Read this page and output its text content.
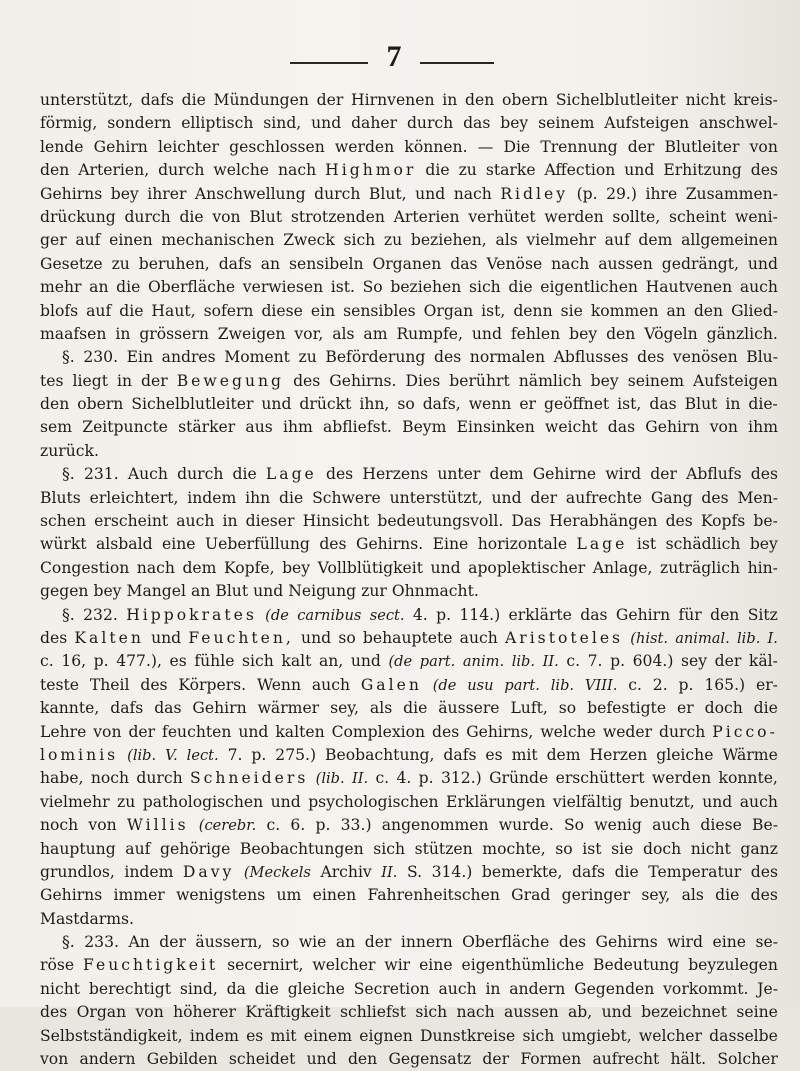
7
unterstützt, dafs die Mündungen der Hirnvenen in den obern Sichelblutleiter nicht kreis-
förmig, sondern elliptisch sind, und daher durch das bey seinem Aufsteigen anschwel-
lende Gehirn leichter geschlossen werden können. — Die Trennung der Blutleiter von
den Arterien, durch welche nach Highmor die zu starke Affection und Erhitzung des
Gehirns bey ihrer Anschwellung durch Blut, und nach Ridley (p. 29.) ihre Zusammen-
drückung durch die von Blut strotzenden Arterien verhütet werden sollte, scheint weni-
ger auf einen mechanischen Zweck sich zu beziehen, als vielmehr auf dem allgemeinen
Gesetze zu beruhen, dafs an sensibeln Organen das Venöse nach aussen gedrängt, und
mehr an die Oberfläche verwiesen ist. So beziehen sich die eigentlichen Hautvenen auch
blofs auf die Haut, sofern diese ein sensibles Organ ist, denn sie kommen an den Glied-
maafsen in grössern Zweigen vor, als am Rumpfe, und fehlen bey den Vögeln gänzlich.
§. 230. Ein andres Moment zu Beförderung des normalen Abflusses des venösen Blu-
tes liegt in der Bewegung des Gehirns. Dies berührt nämlich bey seinem Aufsteigen
den obern Sichelblutleiter und drückt ihn, so dafs, wenn er geöffnet ist, das Blut in die-
sem Zeitpuncte stärker aus ihm abfliefst. Beym Einsinken weicht das Gehirn von ihm
zurück.
§. 231. Auch durch die Lage des Herzens unter dem Gehirne wird der Abflufs des
Bluts erleichtert, indem ihn die Schwere unterstützt, und der aufrechte Gang des Men-
schen erscheint auch in dieser Hinsicht bedeutungsvoll. Das Herabhängen des Kopfs be-
würkt alsbald eine Ueberfüllung des Gehirns. Eine horizontale Lage ist schädlich bey
Congestion nach dem Kopfe, bey Vollblütigkeit und apoplektischer Anlage, zuträglich hin-
gegen bey Mangel an Blut und Neigung zur Ohnmacht.
§. 232. Hippokrates (de carnibus sect. 4. p. 114.) erklärte das Gehirn für den Sitz
des Kalten und Feuchten, und so behauptete auch Aristoteles (hist. animal. lib. I.
c. 16, p. 477.), es fühle sich kalt an, und (de part. anim. lib. II. c. 7. p. 604.) sey der käl-
teste Theil des Körpers. Wenn auch Galen (de usu part. lib. VIII. c. 2. p. 165.) er-
kannte, dafs das Gehirn wärmer sey, als die äussere Luft, so befestigte er doch die
Lehre von der feuchten und kalten Complexion des Gehirns, welche weder durch Picco-
lominis (lib. V. lect. 7. p. 275.) Beobachtung, dafs es mit dem Herzen gleiche Wärme
habe, noch durch Schneiders (lib. II. c. 4. p. 312.) Gründe erschüttert werden konnte,
vielmehr zu pathologischen und psychologischen Erklärungen vielfältig benutzt, und auch
noch von Willis (cerebr. c. 6. p. 33.) angenommen wurde. So wenig auch diese Be-
hauptung auf gehörige Beobachtungen sich stützen mochte, so ist sie doch nicht ganz
grundlos, indem Davy (Meckels Archiv II. S. 314.) bemerkte, dafs die Temperatur des
Gehirns immer wenigstens um einen Fahrenheitschen Grad geringer sey, als die des
Mastdarms.
§. 233. An der äussern, so wie an der innern Oberfläche des Gehirns wird eine se-
röse Feuchtigkeit secernirt, welcher wir eine eigenthümliche Bedeutung beyzulegen
nicht berechtigt sind, da die gleiche Secretion auch in andern Gegenden vorkommt. Je-
des Organ von höherer Kräftigkeit schliefst sich nach aussen ab, und bezeichnet seine
Selbstständigkeit, indem es mit einem eignen Dunstkreise sich umgiebt, welcher dasselbe
von andern Gebilden scheidet und den Gegensatz der Formen aufrecht hält. Solcher
